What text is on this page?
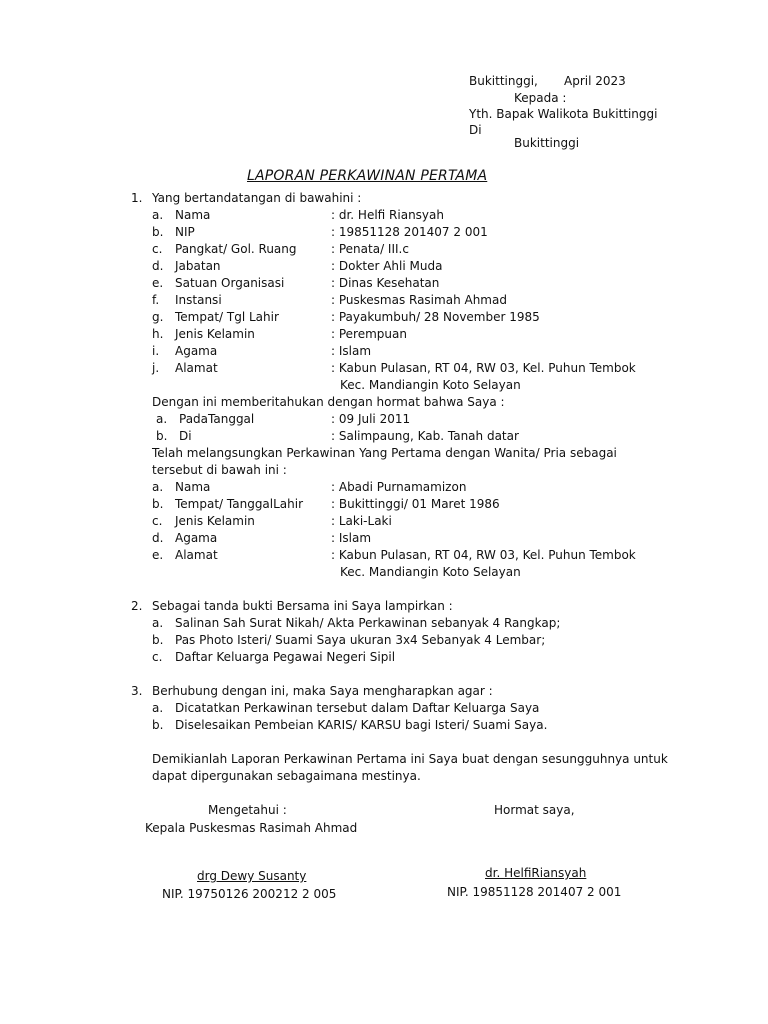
Bukittinggi, April 2023
Kepada :
Yth. Bapak Walikota Bukittinggi
Di
Bukittinggi
LAPORAN PERKAWINAN PERTAMA
1. Yang bertandatangan di bawahini :
a. Nama	: dr. Helfi Riansyah
b. NIP	: 19851128 201407 2 001
c. Pangkat/ Gol. Ruang	: Penata/ III.c
d. Jabatan	: Dokter Ahli Muda
e. Satuan Organisasi	: Dinas Kesehatan
f. Instansi	: Puskesmas Rasimah Ahmad
g. Tempat/ Tgl Lahir	: Payakumbuh/ 28 November 1985
h. Jenis Kelamin	: Perempuan
i. Agama	: Islam
j. Alamat	: Kabun Pulasan, RT 04, RW 03, Kel. Puhun Tembok
Kec. Mandiangin Koto Selayan
Dengan ini memberitahukan dengan hormat bahwa Saya :
a. PadaTanggal	: 09 Juli 2011
b. Di	: Salimpaung, Kab. Tanah datar
Telah melangsungkan Perkawinan Yang Pertama dengan Wanita/ Pria sebagai
tersebut di bawah ini :
a. Nama	: Abadi Purnamamizon
b. Tempat/ TanggalLahir : Bukittinggi/ 01 Maret 1986
c. Jenis Kelamin	: Laki-Laki
d. Agama	: Islam
e. Alamat	: Kabun Pulasan, RT 04, RW 03, Kel. Puhun Tembok
Kec. Mandiangin Koto Selayan
2. Sebagai tanda bukti Bersama ini Saya lampirkan :
a. Salinan Sah Surat Nikah/ Akta Perkawinan sebanyak 4 Rangkap;
b. Pas Photo Isteri/ Suami Saya ukuran 3x4 Sebanyak 4 Lembar;
c. Daftar Keluarga Pegawai Negeri Sipil
3. Berhubung dengan ini, maka Saya mengharapkan agar :
a. Dicatatkan Perkawinan tersebut dalam Daftar Keluarga Saya
b. Diselesaikan Pembeian KARIS/ KARSU bagi Isteri/ Suami Saya.
Demikianlah Laporan Perkawinan Pertama ini Saya buat dengan sesungguhnya untuk
dapat dipergunakan sebagaimana mestinya.
Mengetahui :	Hormat saya,
Kepala Puskesmas Rasimah Ahmad
drg Dewy Susanty	dr. HelfiRiansyah
NIP. 19750126 200212 2 005	NIP. 19851128 201407 2 001
